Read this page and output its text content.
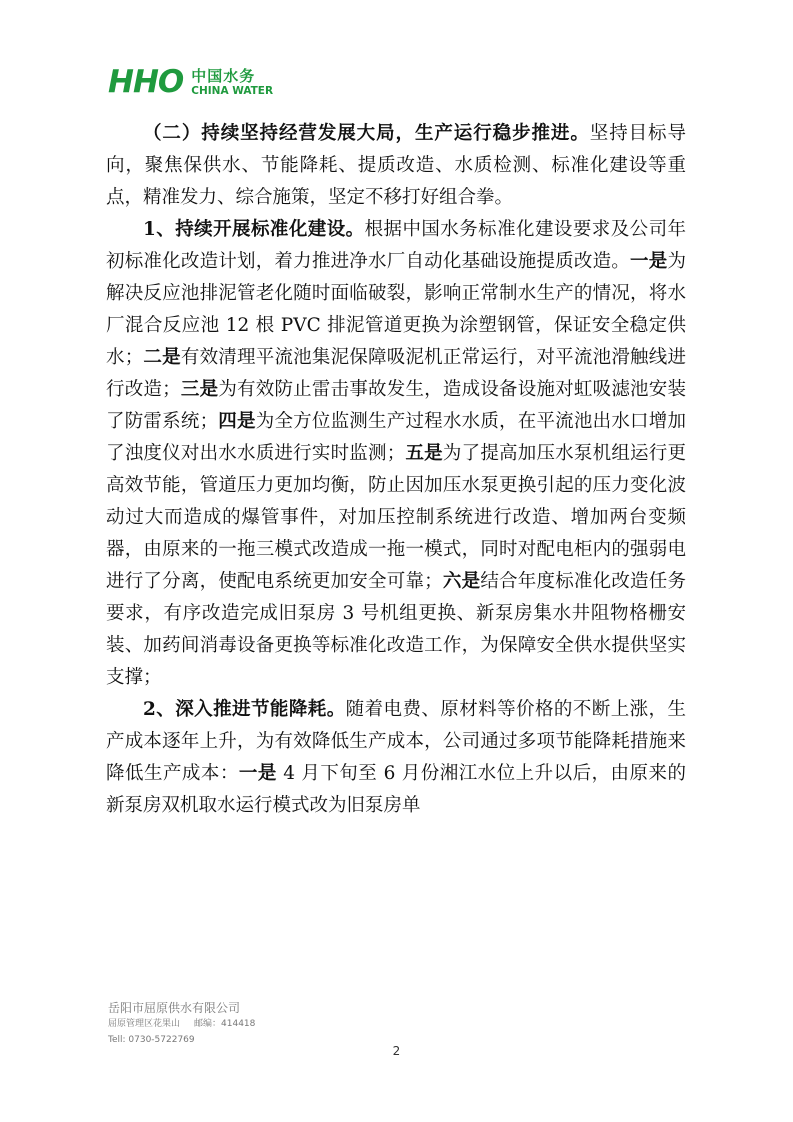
HHO 中国水务
CHINA WATER

（二）持续坚持经营发展大局，生产运行稳步推进。坚持目标导向，聚焦保供水、节能降耗、提质改造、水质检测、标准化建设等重点，精准发力、综合施策，坚定不移打好组合拳。

1、持续开展标准化建设。根据中国水务标准化建设要求及公司年初标准化改造计划，着力推进净水厂自动化基础设施提质改造。一是为解决反应池排泥管老化随时面临破裂，影响正常制水生产的情况，将水厂混合反应池 12 根 PVC 排泥管道更换为涂塑钢管，保证安全稳定供水；二是有效清理平流池集泥保障吸泥机正常运行，对平流池滑触线进行改造；三是为有效防止雷击事故发生，造成设备设施对虹吸滤池安装了防雷系统；四是为全方位监测生产过程水水质，在平流池出水口增加了浊度仪对出水水质进行实时监测；五是为了提高加压水泵机组运行更高效节能，管道压力更加均衡，防止因加压水泵更换引起的压力变化波动过大而造成的爆管事件，对加压控制系统进行改造、增加两台变频器，由原来的一拖三模式改造成一拖一模式，同时对配电柜内的强弱电进行了分离，使配电系统更加安全可靠；六是结合年度标准化改造任务要求，有序改造完成旧泵房 3 号机组更换、新泵房集水井阻物格栅安装、加药间消毒设备更换等标准化改造工作，为保障安全供水提供坚实支撑；

2、深入推进节能降耗。随着电费、原材料等价格的不断上涨，生产成本逐年上升，为有效降低生产成本，公司通过多项节能降耗措施来降低生产成本：一是 4 月下旬至 6 月份湘江水位上升以后，由原来的新泵房双机取水运行模式改为旧泵房单

岳阳市屈原供水有限公司
屈原管理区花果山 邮编：414418
Tell: 0730-5722769
2
